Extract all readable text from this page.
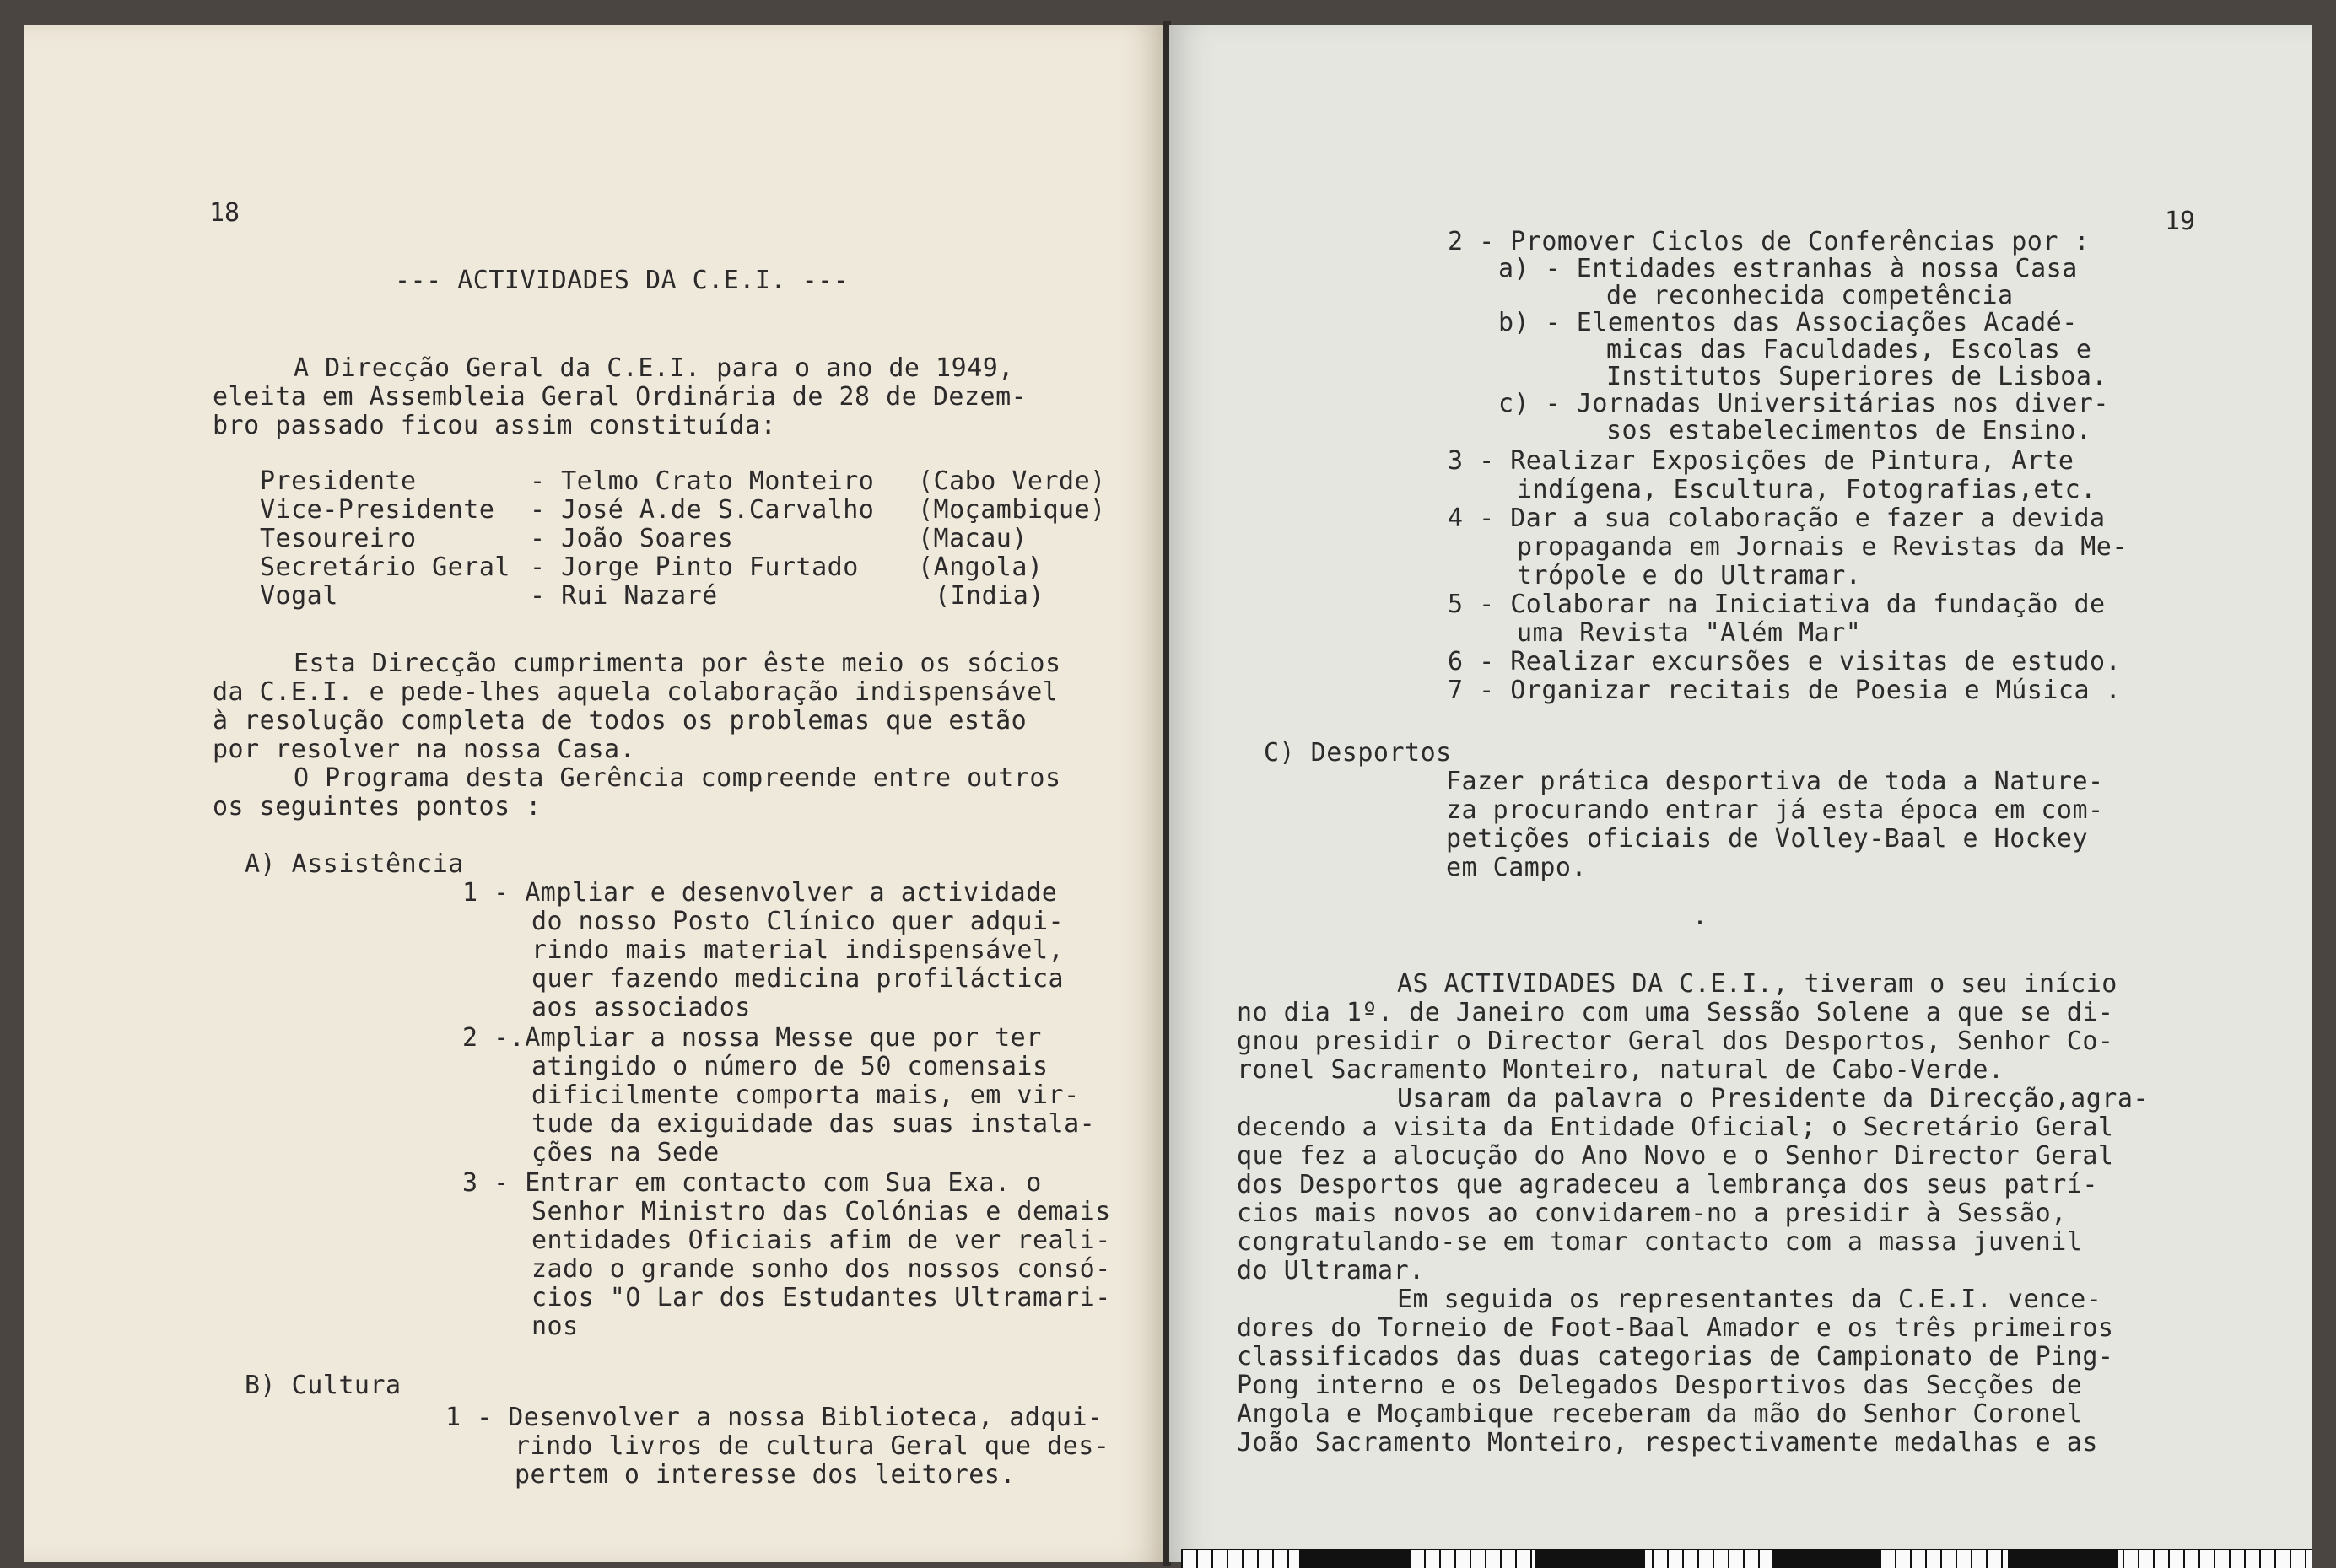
18
--- ACTIVIDADES DA C.E.I. ---
A Direcção Geral da C.E.I. para o ano de 1949,
eleita em Assembleia Geral Ordinária de 28 de Dezem-
bro passado ficou assim constituída:
Presidente	- Telmo Crato Monteiro (Cabo Verde)
Vice-Presidente - José A.de S.Carvalho (Moçambique)
Tesoureiro	- João Soares	(Macau)
Secretário Geral - Jorge Pinto Furtado (Angola)
Vogal	- Rui Nazaré	(India)
Esta Direcção cumprimenta por êste meio os sócios
da C.E.I. e pede-lhes aquela colaboração indispensável
à resolução completa de todos os problemas que estão
por resolver na nossa Casa.
O Programa desta Gerência compreende entre outros
os seguintes pontos :
A) Assistência
1 - Ampliar e desenvolver a actividade
do nosso Posto Clínico quer adqui-
rindo mais material indispensável,
quer fazendo medicina profiláctica
aos associados
2 -.Ampliar a nossa Messe que por ter
atingido o número de 50 comensais
dificilmente comporta mais, em vir-
tude da exiguidade das suas instala-
ções na Sede
3 - Entrar em contacto com Sua Exa. o
Senhor Ministro das Colónias e demais
entidades Oficiais afim de ver reali-
zado o grande sonho dos nossos consó-
cios "O Lar dos Estudantes Ultramari-
nos
B) Cultura
1 - Desenvolver a nossa Biblioteca, adqui-
rindo livros de cultura Geral que des-
pertem o interesse dos leitores.
19
2 - Promover Ciclos de Conferências por :
a) - Entidades estranhas à nossa Casa
de reconhecida competência
b) - Elementos das Associações Acadé-
micas das Faculdades, Escolas e
Institutos Superiores de Lisboa.
c) - Jornadas Universitárias nos diver-
sos estabelecimentos de Ensino.
3 - Realizar Exposições de Pintura, Arte
indígena, Escultura, Fotografias,etc.
4 - Dar a sua colaboração e fazer a devida
propaganda em Jornais e Revistas da Me-
trópole e do Ultramar.
5 - Colaborar na Iniciativa da fundação de
uma Revista "Além Mar"
6 - Realizar excursões e visitas de estudo.
7 - Organizar recitais de Poesia e Música .
C) Desportos
Fazer prática desportiva de toda a Nature-
za procurando entrar já esta época em com-
petições oficiais de Volley-Baal e Hockey
em Campo.
.
AS ACTIVIDADES DA C.E.I., tiveram o seu início
no dia 1º. de Janeiro com uma Sessão Solene a que se di-
gnou presidir o Director Geral dos Desportos, Senhor Co-
ronel Sacramento Monteiro, natural de Cabo-Verde.
Usaram da palavra o Presidente da Direcção,agra-
decendo a visita da Entidade Oficial; o Secretário Geral
que fez a alocução do Ano Novo e o Senhor Director Geral
dos Desportos que agradeceu a lembrança dos seus patrí-
cios mais novos ao convidarem-no a presidir à Sessão,
congratulando-se em tomar contacto com a massa juvenil
do Ultramar.
Em seguida os representantes da C.E.I. vence-
dores do Torneio de Foot-Baal Amador e os três primeiros
classificados das duas categorias de Campionato de Ping-
Pong interno e os Delegados Desportivos das Secções de
Angola e Moçambique receberam da mão do Senhor Coronel
João Sacramento Monteiro, respectivamente medalhas e as
